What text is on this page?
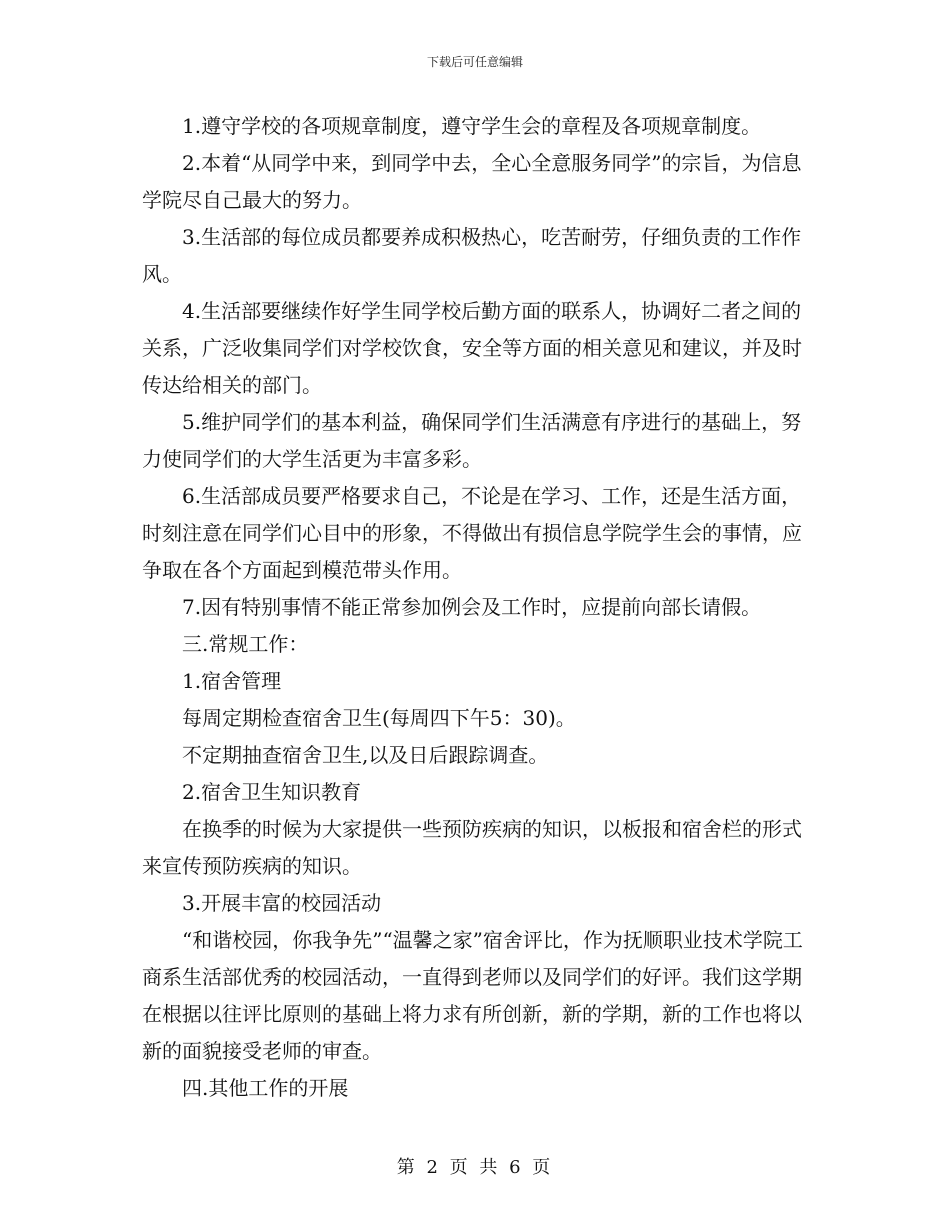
下载后可任意编辑

1.遵守学校的各项规章制度，遵守学生会的章程及各项规章制度。

2.本着“从同学中来，到同学中去，全心全意服务同学”的宗旨，为信息学院尽自己最大的努力。

3.生活部的每位成员都要养成积极热心，吃苦耐劳，仔细负责的工作作风。

4.生活部要继续作好学生同学校后勤方面的联系人，协调好二者之间的关系，广泛收集同学们对学校饮食，安全等方面的相关意见和建议，并及时传达给相关的部门。

5.维护同学们的基本利益，确保同学们生活满意有序进行的基础上，努力使同学们的大学生活更为丰富多彩。

6.生活部成员要严格要求自己，不论是在学习、工作，还是生活方面，时刻注意在同学们心目中的形象，不得做出有损信息学院学生会的事情，应争取在各个方面起到模范带头作用。

7.因有特别事情不能正常参加例会及工作时，应提前向部长请假。

三.常规工作：

1.宿舍管理

每周定期检查宿舍卫生(每周四下午5：30)。

不定期抽查宿舍卫生,以及日后跟踪调查。

2.宿舍卫生知识教育

在换季的时候为大家提供一些预防疾病的知识，以板报和宿舍栏的形式来宣传预防疾病的知识。

3.开展丰富的校园活动

“和谐校园，你我争先”“温馨之家”宿舍评比，作为抚顺职业技术学院工商系生活部优秀的校园活动，一直得到老师以及同学们的好评。我们这学期在根据以往评比原则的基础上将力求有所创新，新的学期，新的工作也将以新的面貌接受老师的审查。

四.其他工作的开展

第 2 页 共 6 页
